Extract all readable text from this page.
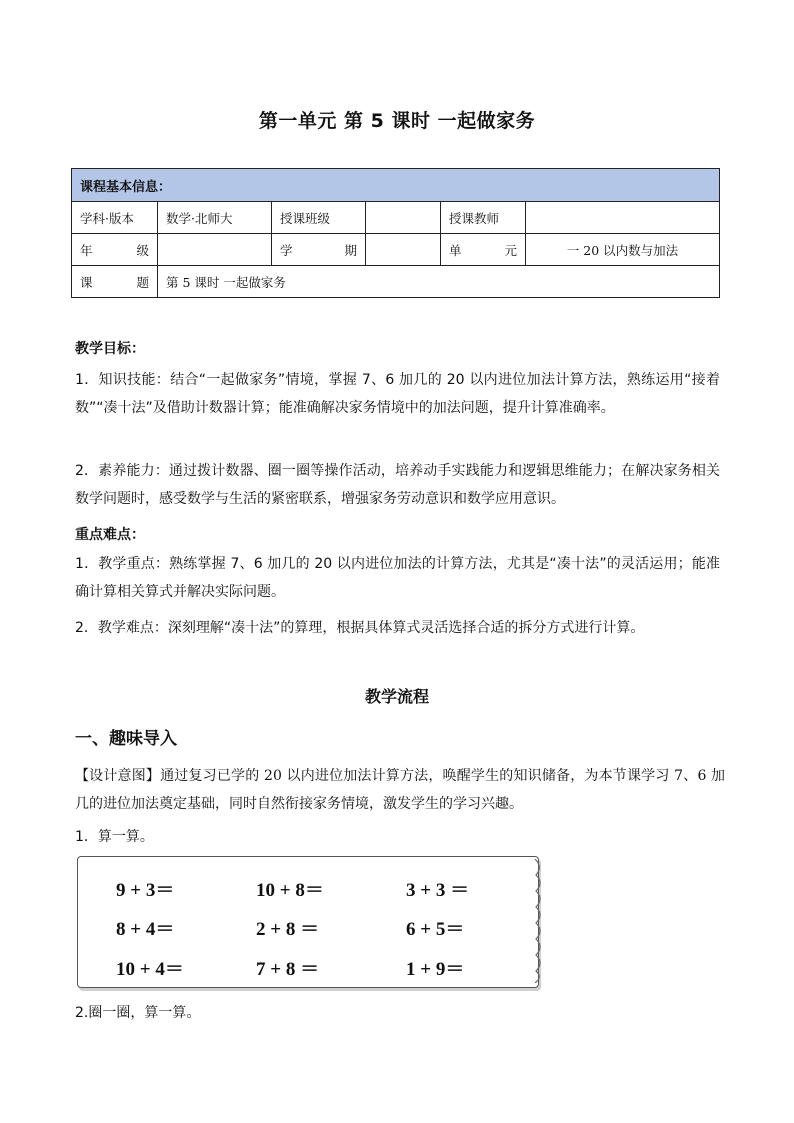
第一单元 第 5 课时 一起做家务
课程基本信息：					
学科·版本	数学·北师大	授课班级		授课教师	
年级		学期		单元	一 20 以内数与加法
课题	第 5 课时 一起做家务				
教学目标：
1．知识技能：结合“一起做家务”情境，掌握 7、6 加几的 20 以内进位加法计算方法，熟练运用“接着数”“凑十法”及借助计数器计算；能准确解决家务情境中的加法问题，提升计算准确率。
2．素养能力：通过拨计数器、圈一圈等操作活动，培养动手实践能力和逻辑思维能力；在解决家务相关数学问题时，感受数学与生活的紧密联系，增强家务劳动意识和数学应用意识。
重点难点：
1．教学重点：熟练掌握 7、6 加几的 20 以内进位加法的计算方法，尤其是“凑十法”的灵活运用；能准确计算相关算式并解决实际问题。
2．教学难点：深刻理解“凑十法”的算理，根据具体算式灵活选择合适的拆分方式进行计算。
教学流程
一、趣味导入
【设计意图】通过复习已学的 20 以内进位加法计算方法，唤醒学生的知识储备，为本节课学习 7、6 加几的进位加法奠定基础，同时自然衔接家务情境，激发学生的学习兴趣。
1．算一算。
9 + 3＝	10 + 8＝	3 + 3 ＝
8 + 4＝	2 + 8 ＝	6 + 5＝
10 + 4＝	7 + 8 ＝	1 + 9＝
2.圈一圈，算一算。
